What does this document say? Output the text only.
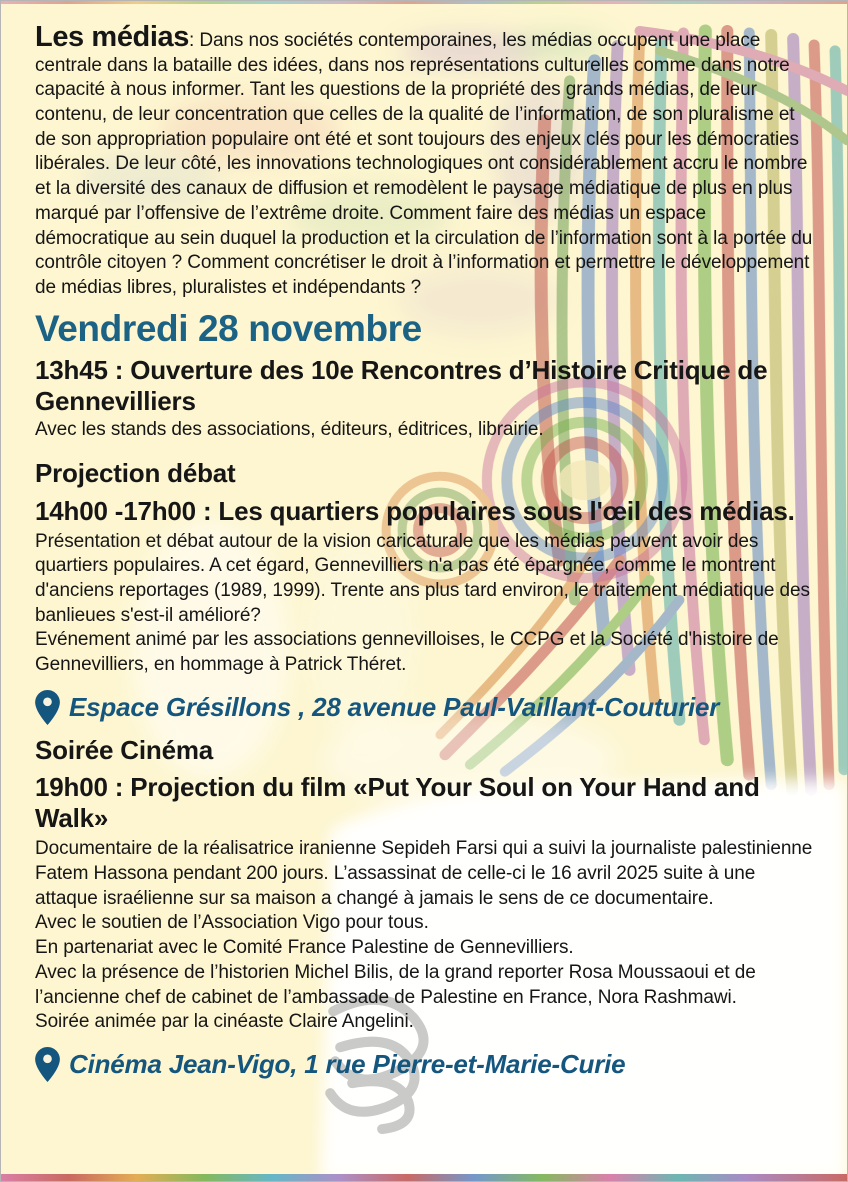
Les médias: Dans nos sociétés contemporaines, les médias occupent une place centrale dans la bataille des idées, dans nos représentations culturelles comme dans notre capacité à nous informer. Tant les questions de la propriété des grands médias, de leur contenu, de leur concentration que celles de la qualité de l’information, de son pluralisme et de son appropriation populaire ont été et sont toujours des enjeux clés pour les démocraties libérales. De leur côté, les innovations technologiques ont considérablement accru le nombre et la diversité des canaux de diffusion et remodèlent le paysage médiatique de plus en plus marqué par l’offensive de l’extrême droite. Comment faire des médias un espace démocratique au sein duquel la production et la circulation de l’information sont à la portée du contrôle citoyen ? Comment concrétiser le droit à l’information et permettre le développement de médias libres, pluralistes et indépendants ?

Vendredi 28 novembre
13h45 : Ouverture des 10e Rencontres d’Histoire Critique de Gennevilliers

Avec les stands des associations, éditeurs, éditrices, librairie.

Projection débat
14h00 -17h00 : Les quartiers populaires sous l'œil des médias.

Présentation et débat autour de la vision caricaturale que les médias peuvent avoir des quartiers populaires. A cet égard, Gennevilliers n'a pas été épargnée, comme le montrent d'anciens reportages (1989, 1999). Trente ans plus tard environ, le traitement médiatique des banlieues s'est-il amélioré?

Evénement animé par les associations gennevilloises, le CCPG et la Société d'histoire de Gennevilliers, en hommage à Patrick Théret.

Espace Grésillons , 28 avenue Paul-Vaillant-Couturier
Soirée Cinéma
19h00 : Projection du film «Put Your Soul on Your Hand and Walk»

Documentaire de la réalisatrice iranienne Sepideh Farsi qui a suivi la journaliste palestinienne Fatem Hassona pendant 200 jours. L’assassinat de celle-ci le 16 avril 2025 suite à une attaque israélienne sur sa maison a changé à jamais le sens de ce documentaire.

Avec le soutien de l’Association Vigo pour tous.

En partenariat avec le Comité France Palestine de Gennevilliers.

Avec la présence de l’historien Michel Bilis, de la grand reporter Rosa Moussaoui et de l’ancienne chef de cabinet de l’ambassade de Palestine en France, Nora Rashmawi.

Soirée animée par la cinéaste Claire Angelini.

Cinéma Jean-Vigo, 1 rue Pierre-et-Marie-Curie
